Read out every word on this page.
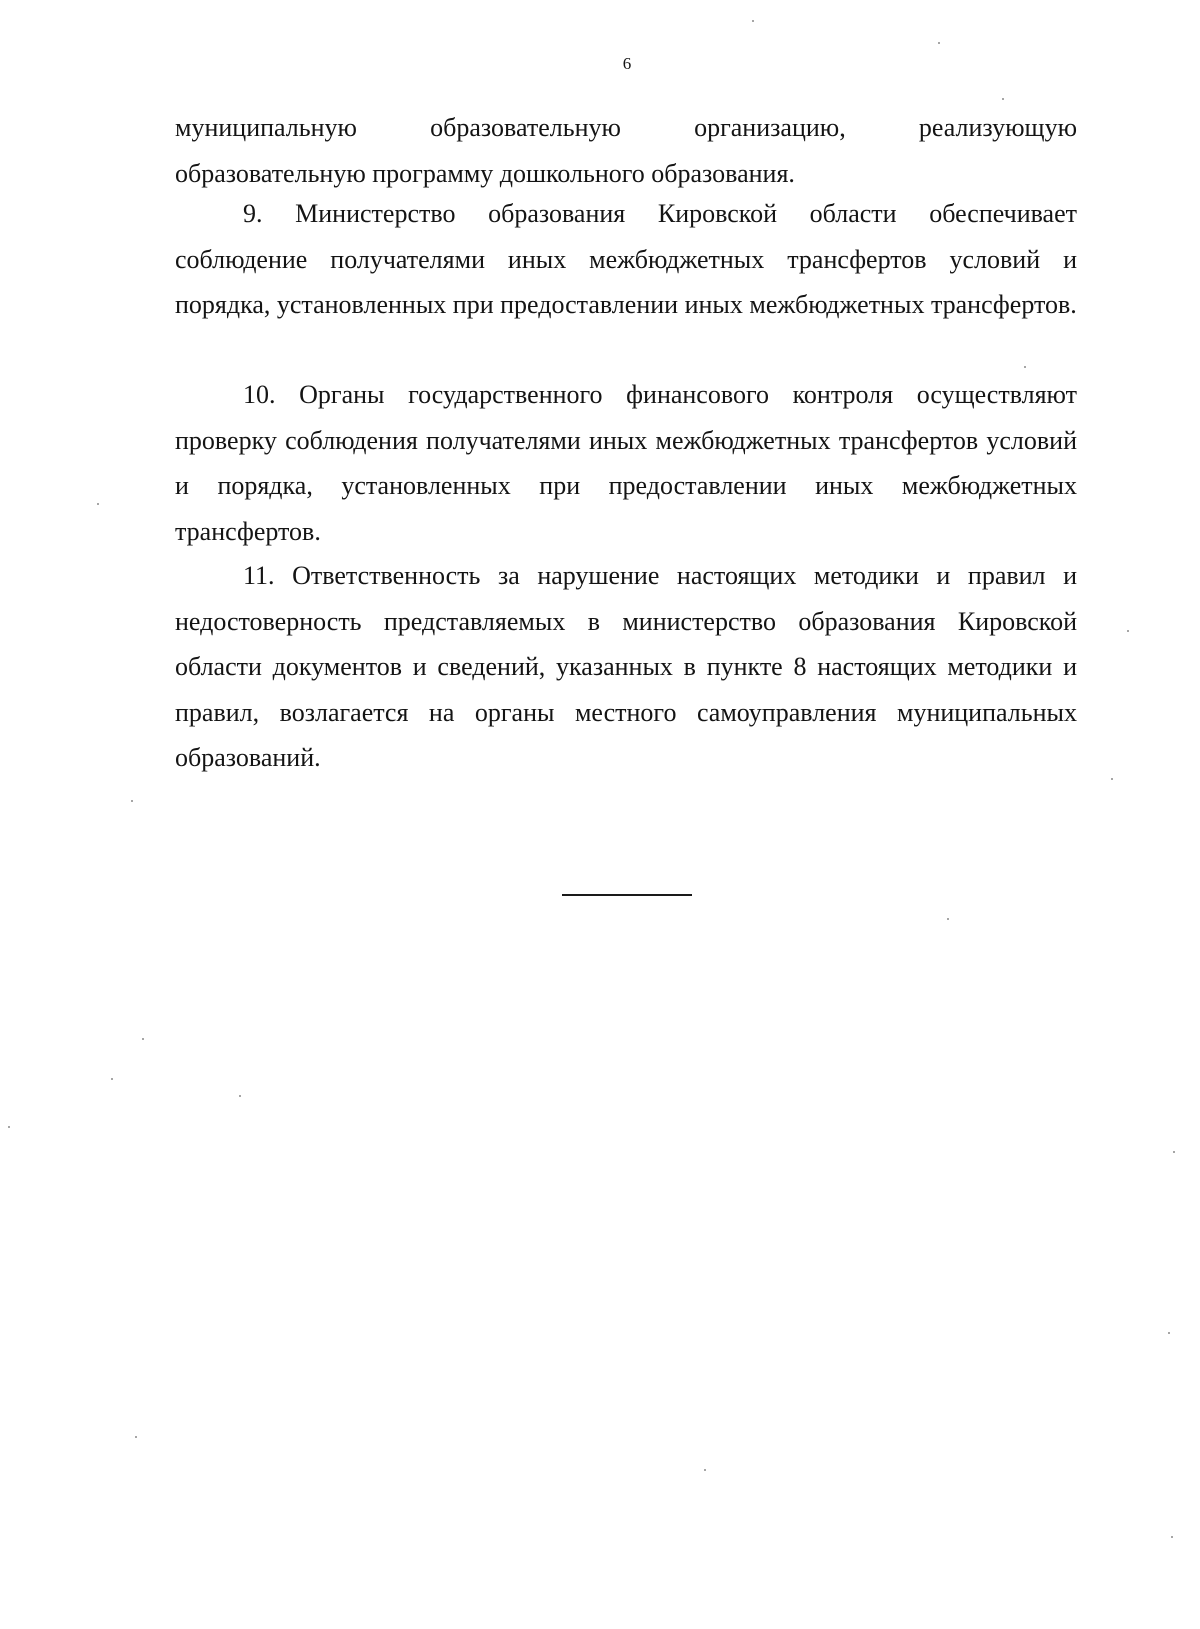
6
муниципальную образовательную организацию, реализующую
образовательную программу дошкольного образования.

9. Министерство образования Кировской области обеспечивает соблюдение получателями иных межбюджетных трансфертов условий и порядка, установленных при предоставлении иных межбюджетных трансфертов.

10. Органы государственного финансового контроля осуществляют проверку соблюдения получателями иных межбюджетных трансфертов условий и порядка, установленных при предоставлении иных межбюджетных трансфертов.

11. Ответственность за нарушение настоящих методики и правил и недостоверность представляемых в министерство образования Кировской области документов и сведений, указанных в пункте 8 настоящих методики и правил, возлагается на органы местного самоуправления муниципальных образований.
